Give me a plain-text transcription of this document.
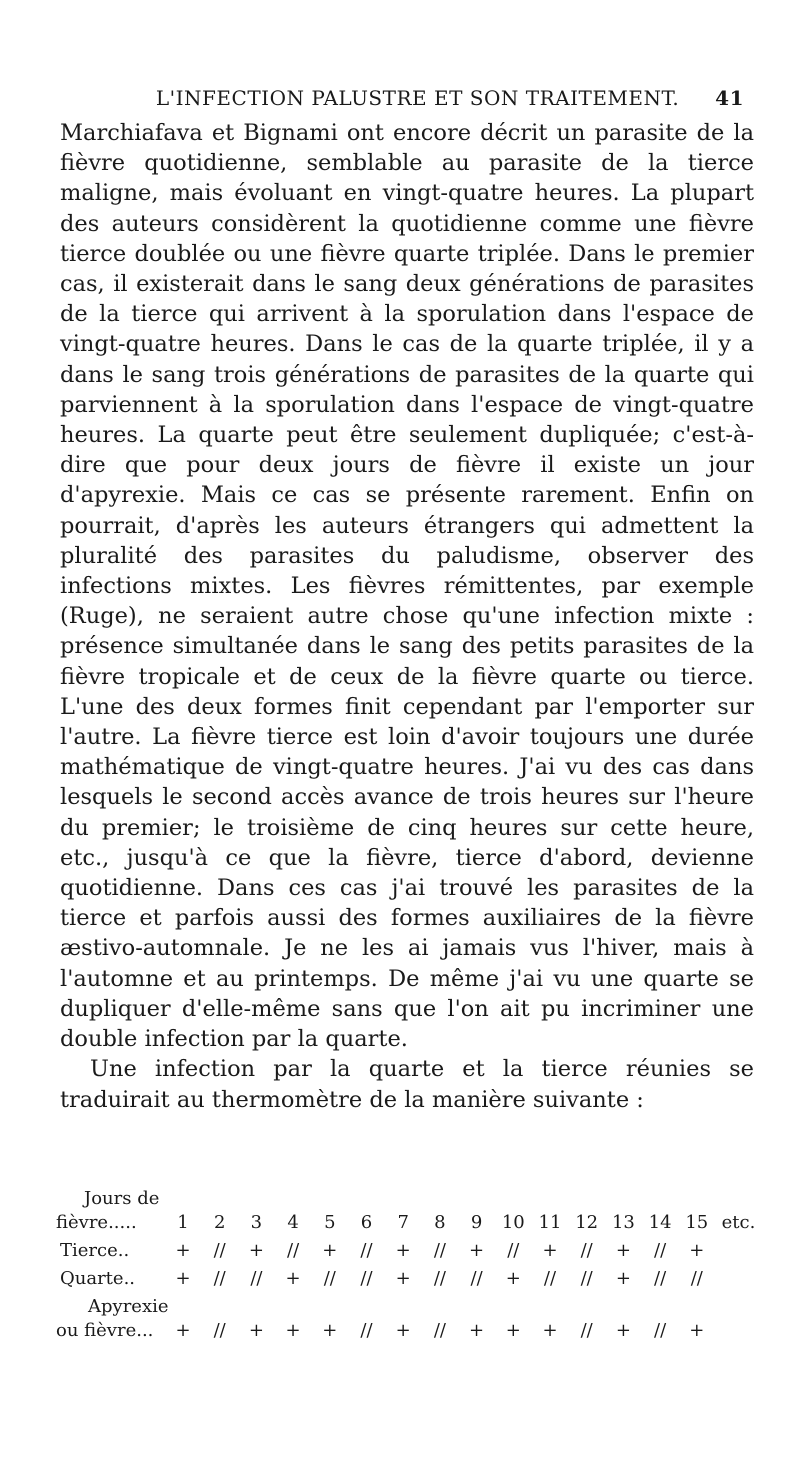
L'INFECTION PALUSTRE ET SON TRAITEMENT.	41

Marchiafava et Bignami ont encore décrit un parasite de la fièvre quotidienne, semblable au parasite de la tierce maligne, mais évoluant en vingt-quatre heures. La plupart des auteurs considèrent la quotidienne comme une fièvre tierce doublée ou une fièvre quarte triplée. Dans le premier cas, il existerait dans le sang deux générations de parasites de la tierce qui arrivent à la sporulation dans l'espace de vingt-quatre heures. Dans le cas de la quarte triplée, il y a dans le sang trois générations de parasites de la quarte qui parviennent à la sporulation dans l'espace de vingt-quatre heures. La quarte peut être seulement dupliquée; c'est-à-dire que pour deux jours de fièvre il existe un jour d'apyrexie. Mais ce cas se présente rarement. Enfin on pourrait, d'après les auteurs étrangers qui admettent la pluralité des parasites du paludisme, observer des infections mixtes. Les fièvres rémittentes, par exemple (Ruge), ne seraient autre chose qu'une infection mixte : présence simultanée dans le sang des petits parasites de la fièvre tropicale et de ceux de la fièvre quarte ou tierce. L'une des deux formes finit cependant par l'emporter sur l'autre. La fièvre tierce est loin d'avoir toujours une durée mathématique de vingt-quatre heures. J'ai vu des cas dans lesquels le second accès avance de trois heures sur l'heure du premier; le troisième de cinq heures sur cette heure, etc., jusqu'à ce que la fièvre, tierce d'abord, devienne quotidienne. Dans ces cas j'ai trouvé les parasites de la tierce et parfois aussi des formes auxiliaires de la fièvre æstivo-automnale. Je ne les ai jamais vus l'hiver, mais à l'automne et au printemps. De même j'ai vu une quarte se dupliquer d'elle-même sans que l'on ait pu incriminer une double infection par la quarte.

Une infection par la quarte et la tierce réunies se traduirait au thermomètre de la manière suivante :

Jours de
fièvre.....	1	2	3	4	5	6	7	8	9	10 11 12 13 14 15 etc.
Tierce..	+	//	+	//	+	//	+	//	+	//	+	//	+	//	+
Quarte..	+	//	//	+	//	//	+	//	//	+	//	//	+	//	//
Apyrexie
ou fièvre...	+	//	+	+	+	//	+	//	+	+	+	//	+	//	+
